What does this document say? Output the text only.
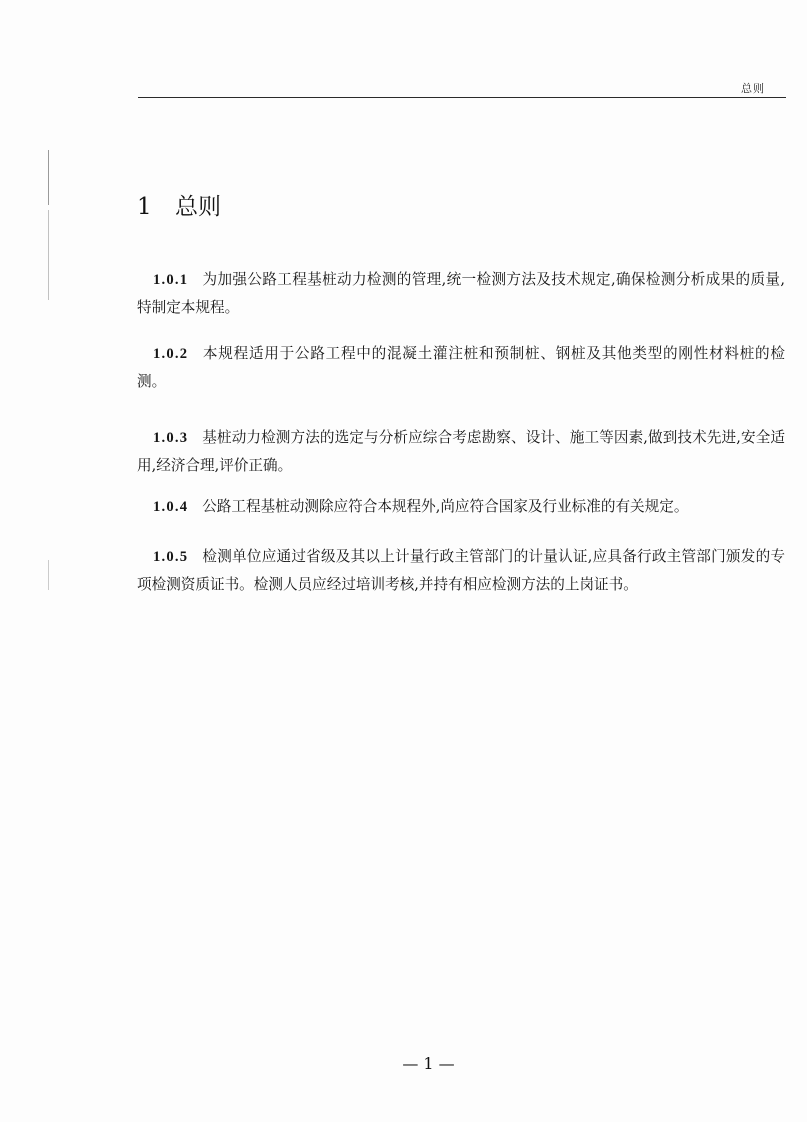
总则
1 总则

1.0.1 为加强公路工程基桩动力检测的管理,统一检测方法及技术规定,确保检测分析成果的质量,特制定本规程。

1.0.2 本规程适用于公路工程中的混凝土灌注桩和预制桩、钢桩及其他类型的刚性材料桩的检测。

1.0.3 基桩动力检测方法的选定与分析应综合考虑勘察、设计、施工等因素,做到技术先进,安全适用,经济合理,评价正确。

1.0.4 公路工程基桩动测除应符合本规程外,尚应符合国家及行业标准的有关规定。

1.0.5 检测单位应通过省级及其以上计量行政主管部门的计量认证,应具备行政主管部门颁发的专项检测资质证书。检测人员应经过培训考核,并持有相应检测方法的上岗证书。

— 1 —
